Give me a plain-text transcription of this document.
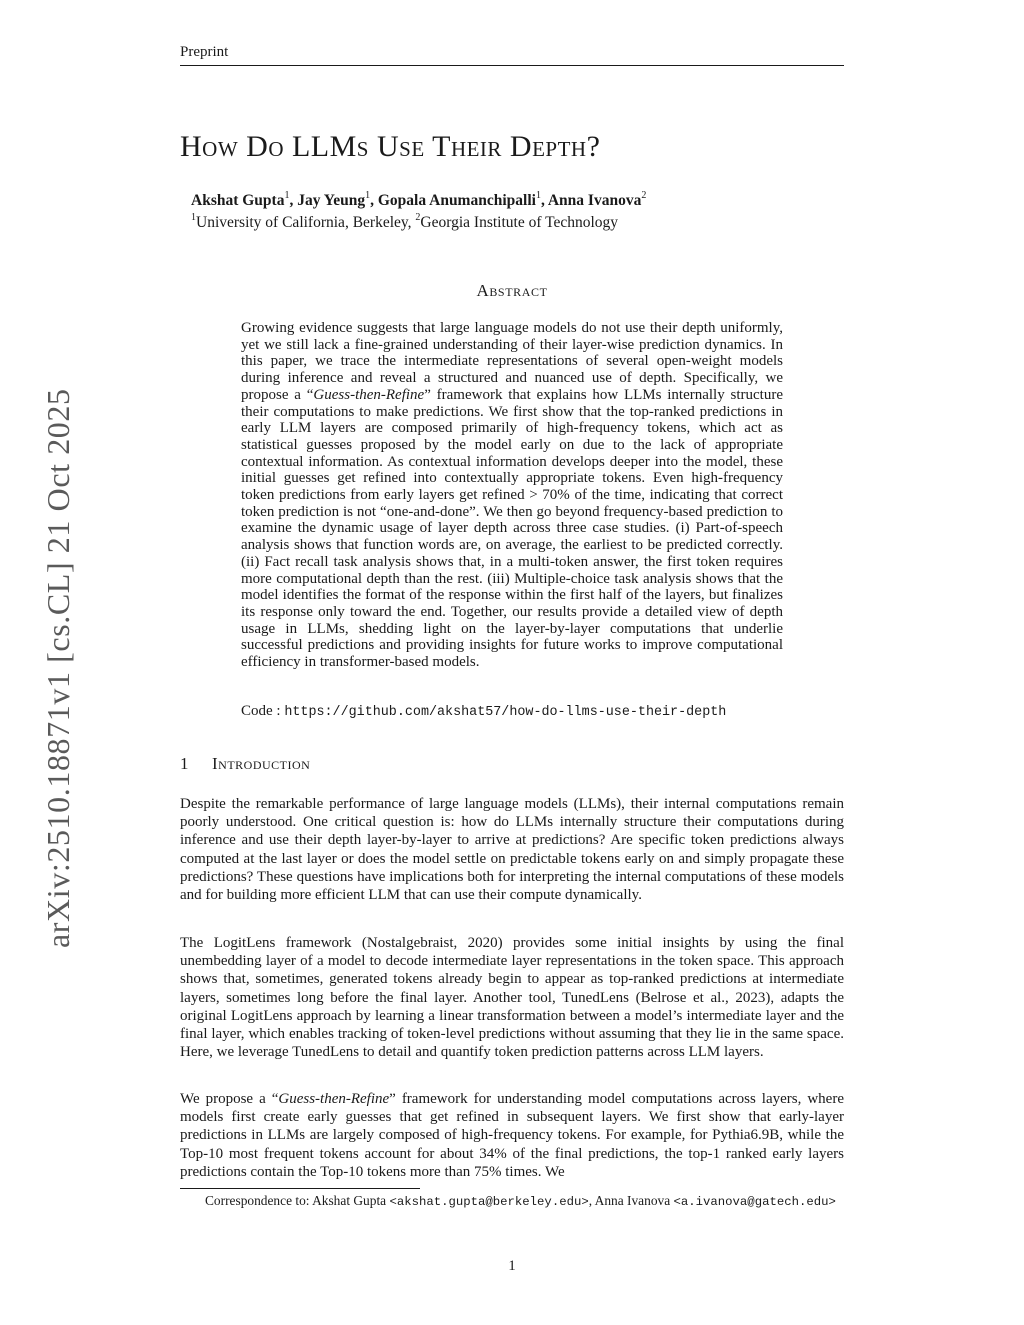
Preprint
arXiv:2510.18871v1 [cs.CL] 21 Oct 2025
How Do LLMs Use Their Depth?
Akshat Gupta$^1$, Jay Yeung$^1$, Gopala Anumanchipalli$^1$, Anna Ivanova$^2$
$^1$University of California, Berkeley, $^2$Georgia Institute of Technology
Abstract

Growing evidence suggests that large language models do not use their depth uniformly, yet we still lack a fine-grained understanding of their layer-wise prediction dynamics. In this paper, we trace the intermediate representations of several open-weight models during inference and reveal a structured and nuanced use of depth. Specifically, we propose a “Guess-then-Refine” framework that explains how LLMs internally structure their computations to make predictions. We first show that the top-ranked predictions in early LLM layers are composed primarily of high-frequency tokens, which act as statistical guesses proposed by the model early on due to the lack of appropriate contextual information. As contextual information develops deeper into the model, these initial guesses get refined into contextually appropriate tokens. Even high-frequency token predictions from early layers get refined > 70% of the time, indicating that correct token prediction is not “one-and-done”. We then go beyond frequency-based prediction to examine the dynamic usage of layer depth across three case studies. (i) Part-of-speech analysis shows that function words are, on average, the earliest to be predicted correctly. (ii) Fact recall task analysis shows that, in a multi-token answer, the first token requires more computational depth than the rest. (iii) Multiple-choice task analysis shows that the model identifies the format of the response within the first half of the layers, but finalizes its response only toward the end. Together, our results provide a detailed view of depth usage in LLMs, shedding light on the layer-by-layer computations that underlie successful predictions and providing insights for future works to improve computational efficiency in transformer-based models.

Code : https://github.com/akshat57/how-do-llms-use-their-depth
1 Introduction

Despite the remarkable performance of large language models (LLMs), their internal computations remain poorly understood. One critical question is: how do LLMs internally structure their computations during inference and use their depth layer-by-layer to arrive at predictions? Are specific token predictions always computed at the last layer or does the model settle on predictable tokens early on and simply propagate these predictions? These questions have implications both for interpreting the internal computations of these models and for building more efficient LLM that can use their compute dynamically.

The LogitLens framework (Nostalgebraist, 2020) provides some initial insights by using the final unembedding layer of a model to decode intermediate layer representations in the token space. This approach shows that, sometimes, generated tokens already begin to appear as top-ranked predictions at intermediate layers, sometimes long before the final layer. Another tool, TunedLens (Belrose et al., 2023), adapts the original LogitLens approach by learning a linear transformation between a model’s intermediate layer and the final layer, which enables tracking of token-level predictions without assuming that they lie in the same space. Here, we leverage TunedLens to detail and quantify token prediction patterns across LLM layers.

We propose a “Guess-then-Refine” framework for understanding model computations across layers, where models first create early guesses that get refined in subsequent layers. We first show that early-layer predictions in LLMs are largely composed of high-frequency tokens. For example, for Pythia6.9B, while the Top-10 most frequent tokens account for about 34% of the final predictions, the top-1 ranked early layers predictions contain the Top-10 tokens more than 75% times. We

Correspondence to: Akshat Gupta <akshat.gupta@berkeley.edu>, Anna Ivanova <a.ivanova@gatech.edu>

1
